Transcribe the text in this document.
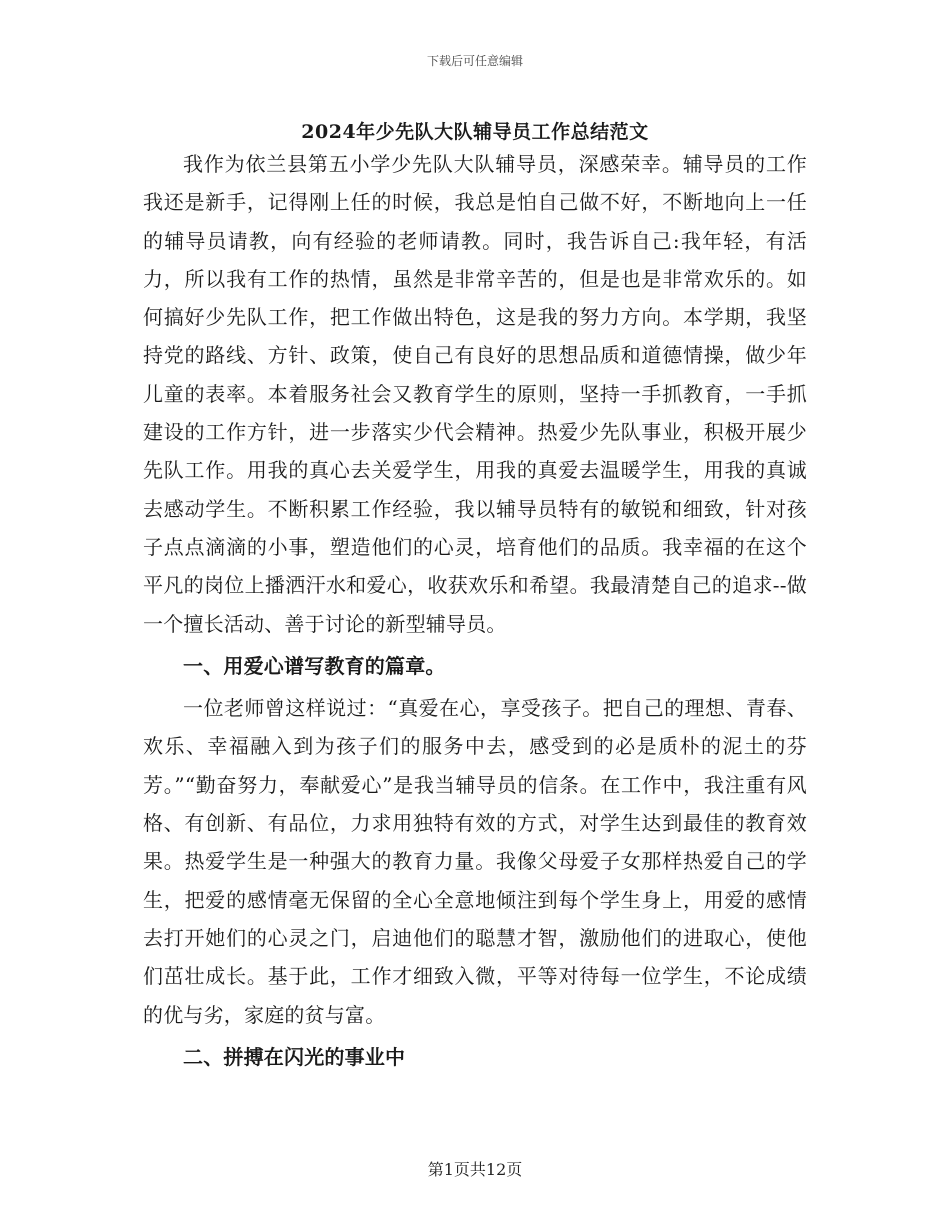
下载后可任意编辑
2024年少先队大队辅导员工作总结范文

我作为依兰县第五小学少先队大队辅导员，深感荣幸。辅导员的工作我还是新手，记得刚上任的时候，我总是怕自己做不好，不断地向上一任的辅导员请教，向有经验的老师请教。同时，我告诉自己:我年轻，有活力，所以我有工作的热情，虽然是非常辛苦的，但是也是非常欢乐的。如何搞好少先队工作，把工作做出特色，这是我的努力方向。本学期，我坚持党的路线、方针、政策，使自己有良好的思想品质和道德情操，做少年儿童的表率。本着服务社会又教育学生的原则，坚持一手抓教育，一手抓建设的工作方针，进一步落实少代会精神。热爱少先队事业，积极开展少先队工作。用我的真心去关爱学生，用我的真爱去温暖学生，用我的真诚去感动学生。不断积累工作经验，我以辅导员特有的敏锐和细致，针对孩子点点滴滴的小事，塑造他们的心灵，培育他们的品质。我幸福的在这个平凡的岗位上播洒汗水和爱心，收获欢乐和希望。我最清楚自己的追求--做一个擅长活动、善于讨论的新型辅导员。

一、用爱心谱写教育的篇章。

一位老师曾这样说过：“真爱在心，享受孩子。把自己的理想、青春、欢乐、幸福融入到为孩子们的服务中去，感受到的必是质朴的泥土的芬芳。”“勤奋努力，奉献爱心”是我当辅导员的信条。在工作中，我注重有风格、有创新、有品位，力求用独特有效的方式，对学生达到最佳的教育效果。热爱学生是一种强大的教育力量。我像父母爱子女那样热爱自己的学生，把爱的感情毫无保留的全心全意地倾注到每个学生身上，用爱的感情去打开她们的心灵之门，启迪他们的聪慧才智，激励他们的进取心，使他们茁壮成长。基于此，工作才细致入微，平等对待每一位学生，不论成绩的优与劣，家庭的贫与富。

二、拼搏在闪光的事业中

第1页共12页
